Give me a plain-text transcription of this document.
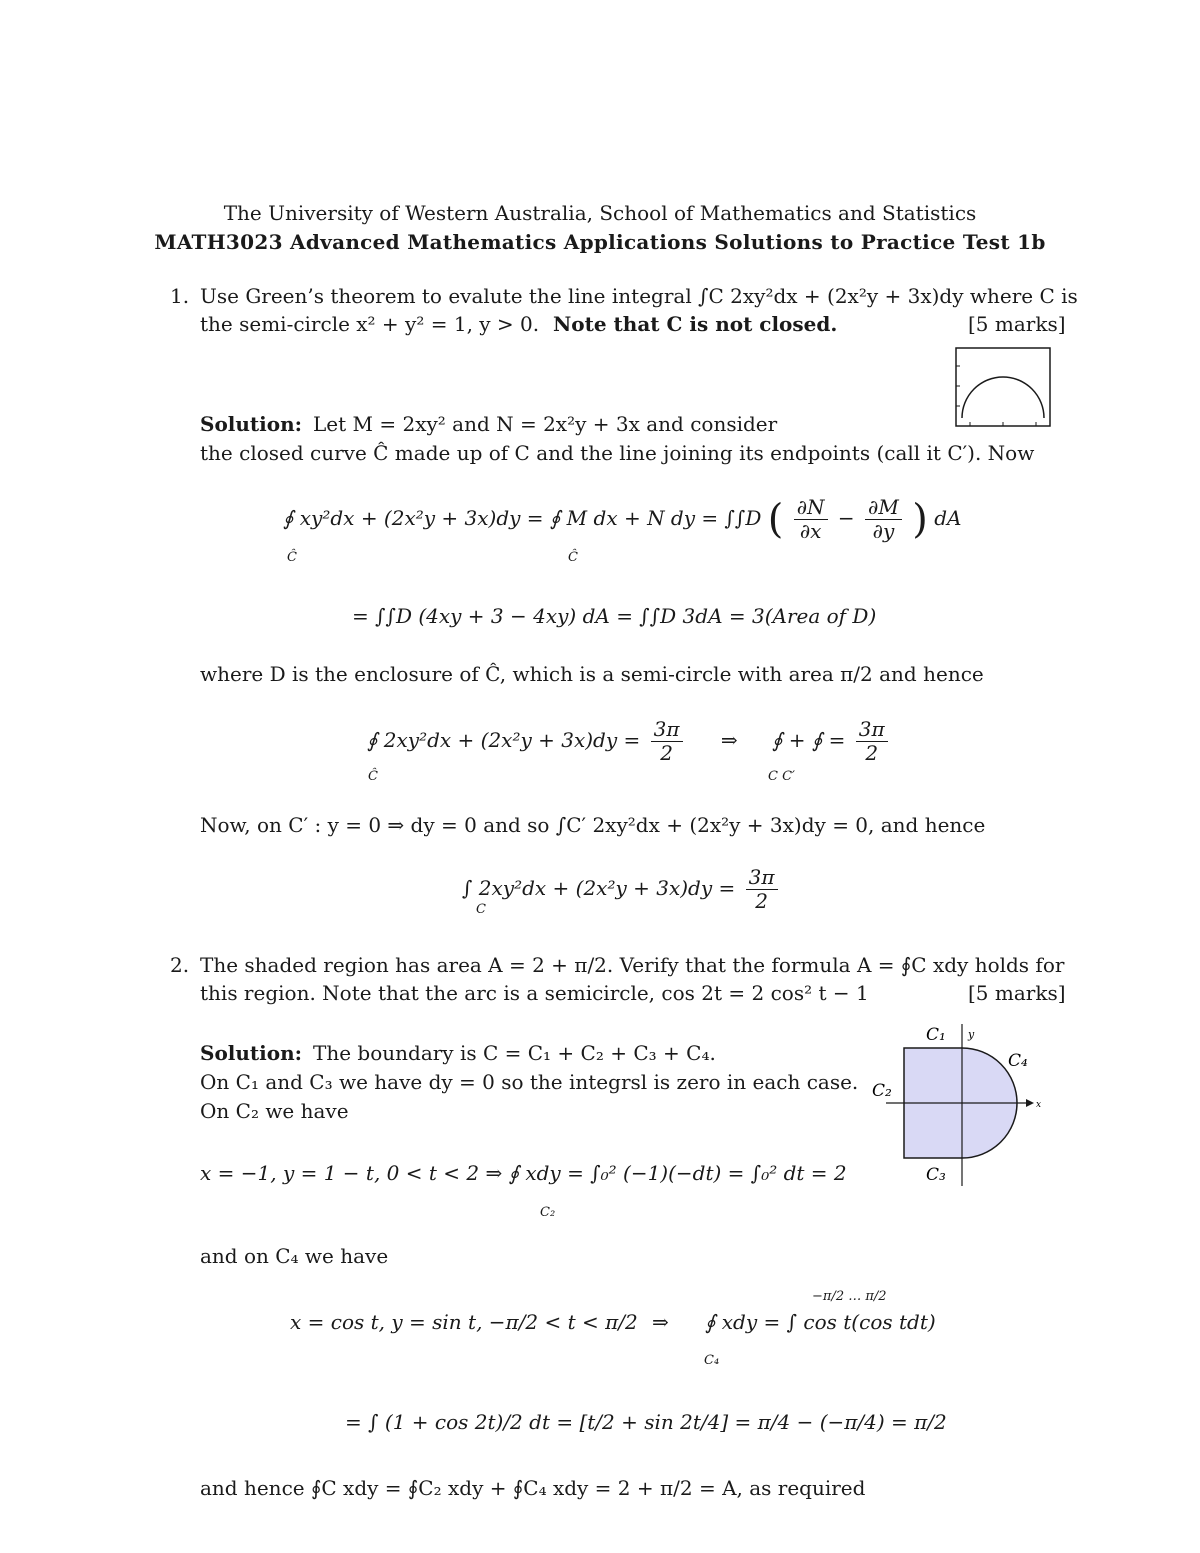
The University of Western Australia, School of Mathematics and Statistics
MATH3023 Advanced Mathematics Applications Solutions to Practice Test 1b
1. Use Green’s theorem to evalute the line integral ∫C 2xy²dx + (2x²y + 3x)dy where C is
the semi-circle x² + y² = 1, y > 0. Note that C is not closed.	[5 marks]
Solution: Let M = 2xy² and N = 2x²y + 3x and consider
the closed curve Ĉ made up of C and the line joining its endpoints (call it C′). Now
∮ xy²dx + (2x²y + 3x)dy = ∮ M dx + N dy = ∫∫D ( $\frac{\partial N}{\partial x} - \frac{\partial M}{\partial y}$ ) dA
Ĉ	Ĉ
= ∫∫D (4xy + 3 − 4xy) dA = ∫∫D 3dA = 3(Area of D)
where D is the enclosure of Ĉ, which is a semi-circle with area π/2 and hence
∮ $2xy^2dx + (2x^2y + 3x)dy = \frac{3\pi}{2}$ ⇒ ∮ + ∮ = $\frac{3\pi}{2}$
Ĉ	C C′
Now, on C′ : y = 0 ⇒ dy = 0 and so ∫C′ 2xy²dx + (2x²y + 3x)dy = 0, and hence
∫ $2xy^2dx + (2x^2y + 3x)dy = \frac{3\pi}{2}$
C
2. The shaded region has area A = 2 + π/2. Verify that the formula A = ∮C xdy holds for
this region. Note that the arc is a semicircle, cos 2t = 2 cos² t − 1	[5 marks]
Solution: The boundary is C = C₁ + C₂ + C₃ + C₄.
On C₁ and C₃ we have dy = 0 so the integrsl is zero in each case.
On C₂ we have	x
y
C₁
C₂
C₃
C₄
x = −1, y = 1 − t, 0 < t < 2 ⇒ ∮ xdy = ∫₀² (−1)(−dt) = ∫₀² dt = 2
C₂
and on C₄ we have
x = cos t, y = sin t, −π/2 < t < π/2 ⇒ ∮ xdy = ∫ cos t(cos tdt)
C₄
−π/2 … π/2
= ∫ (1 + cos 2t)/2 dt = [t/2 + sin 2t/4] = π/4 − (−π/4) = π/2
and hence ∮C xdy = ∮C₂ xdy + ∮C₄ xdy = 2 + π/2 = A, as required
